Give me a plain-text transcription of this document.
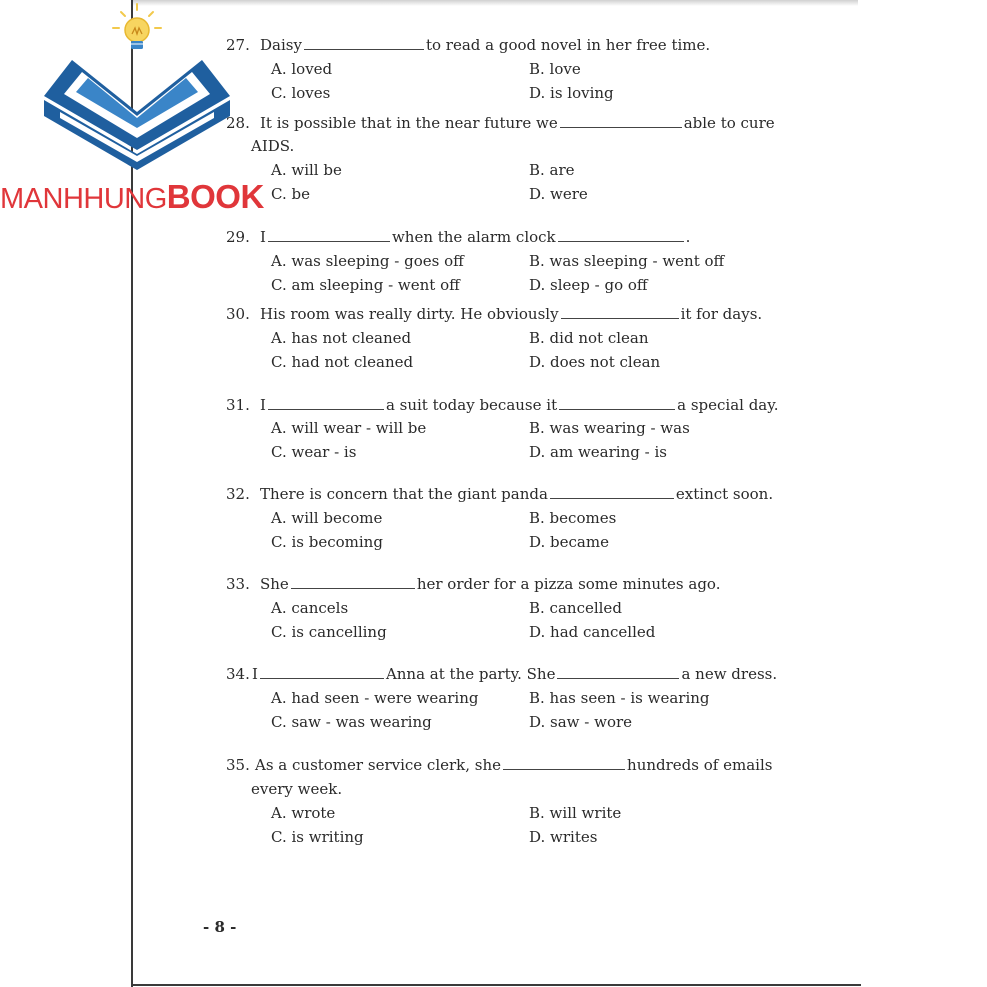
27. Daisy	to read a good novel in her free time.
A. loved	B. love
C. loves	D. is loving
28. It is possible that in the near future we	able to cure
AIDS.
A. will be	B. are
C. be	D. were
29. I	when the alarm clock	.
A. was sleeping - goes off	B. was sleeping - went off
C. am sleeping - went off	D. sleep - go off
30. His room was really dirty. He obviously	it for days.
A. has not cleaned	B. did not clean
C. had not cleaned	D. does not clean
31. I	a suit today because it	a special day.
A. will wear - will be	B. was wearing - was
C. wear - is	D. am wearing - is
32. There is concern that the giant panda	extinct soon.
A. will become	B. becomes
C. is becoming	D. became
33. She	her order for a pizza some minutes ago.
A. cancels	B. cancelled
C. is cancelling	D. had cancelled
34. I	Anna at the party. She	a new dress.
A. had seen - were wearing	B. has seen - is wearing
C. saw - was wearing	D. saw - wore
35. As a customer service clerk, she	hundreds of emails
every week.
A. wrote	B. will write
C. is writing	D. writes
- 8 -
MANHHUNGBOOK
